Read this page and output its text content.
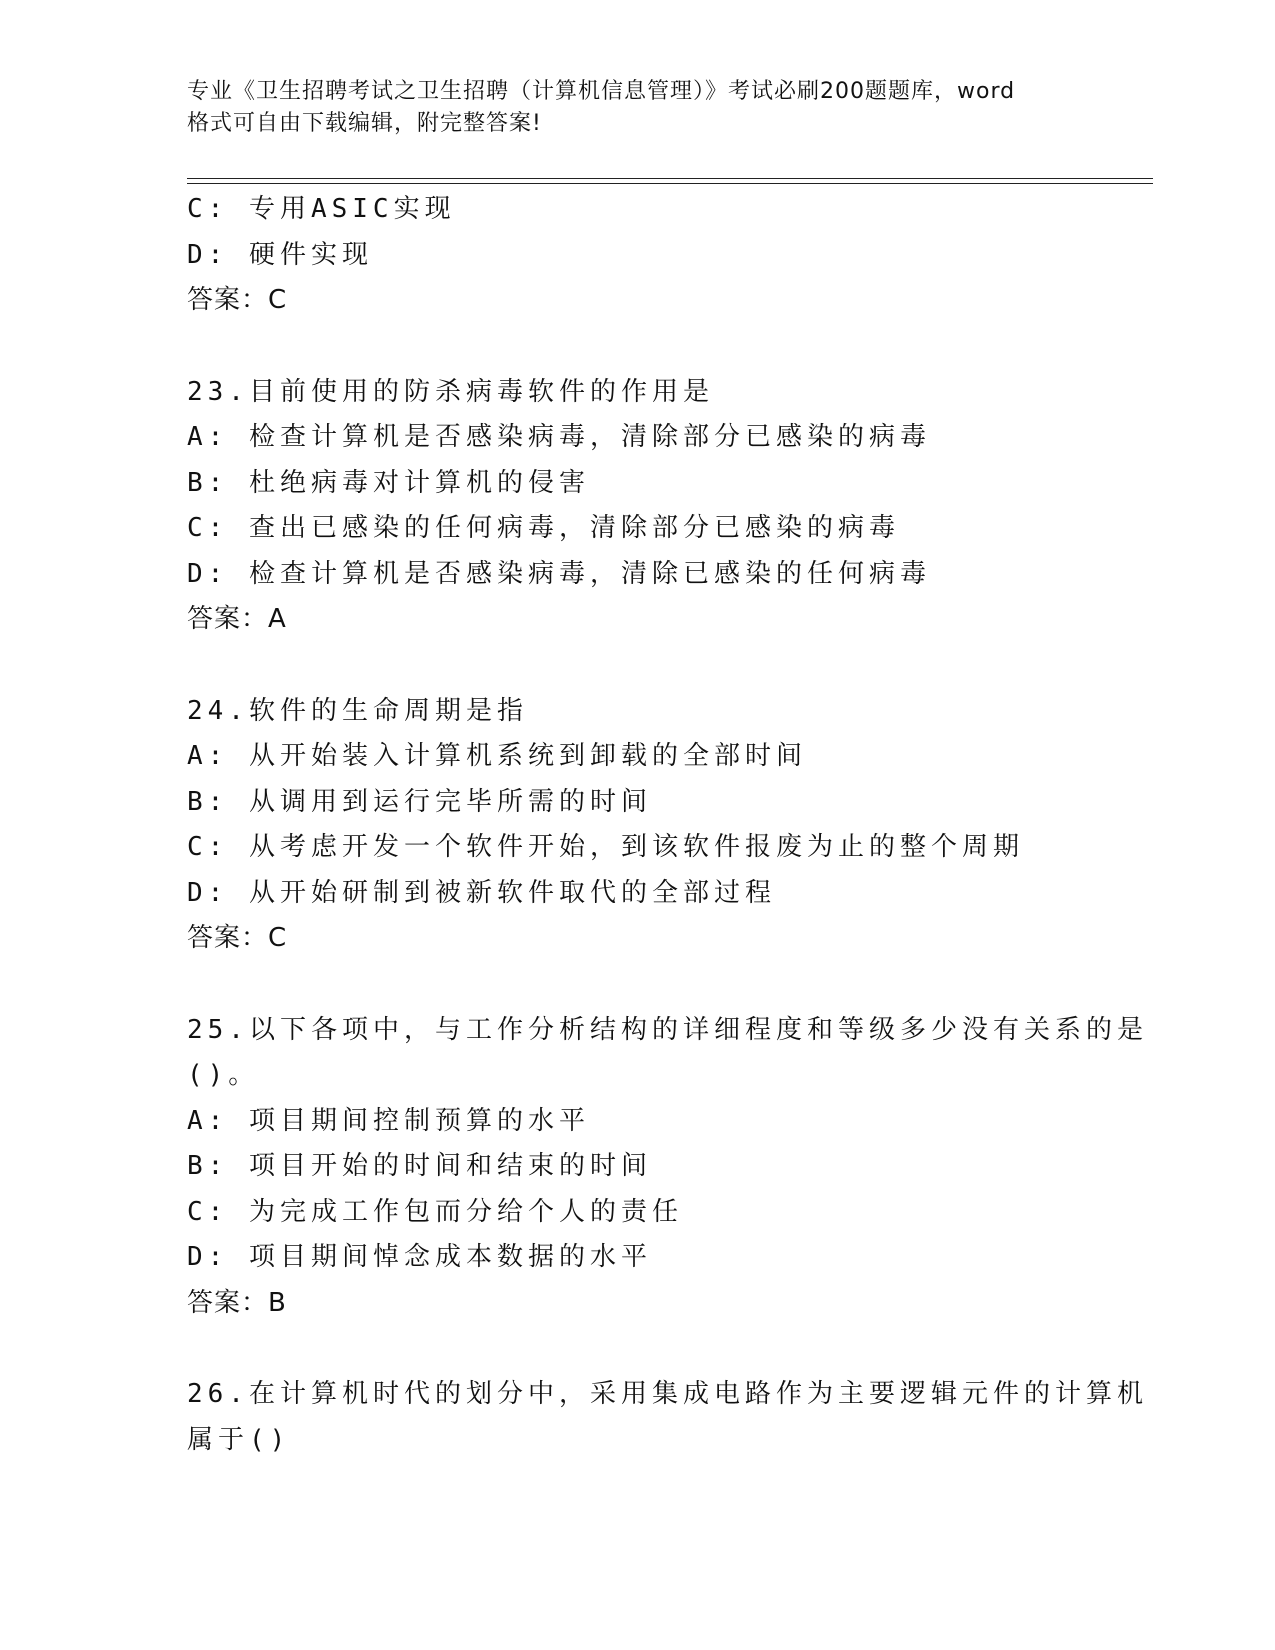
专业《卫生招聘考试之卫生招聘（计算机信息管理）》考试必刷200题题库，word
格式可自由下载编辑，附完整答案!
C: 专用ASIC实现
D: 硬件实现
答案：C
23.目前使用的防杀病毒软件的作用是
A: 检查计算机是否感染病毒，清除部分已感染的病毒
B: 杜绝病毒对计算机的侵害
C: 查出已感染的任何病毒，清除部分已感染的病毒
D: 检查计算机是否感染病毒，清除已感染的任何病毒
答案：A
24.软件的生命周期是指
A: 从开始装入计算机系统到卸载的全部时间
B: 从调用到运行完毕所需的时间
C: 从考虑开发一个软件开始，到该软件报废为止的整个周期
D: 从开始研制到被新软件取代的全部过程
答案：C
25.以下各项中，与工作分析结构的详细程度和等级多少没有关系的是
()。
A: 项目期间控制预算的水平
B: 项目开始的时间和结束的时间
C: 为完成工作包而分给个人的责任
D: 项目期间悼念成本数据的水平
答案：B
26.在计算机时代的划分中，采用集成电路作为主要逻辑元件的计算机
属于()
